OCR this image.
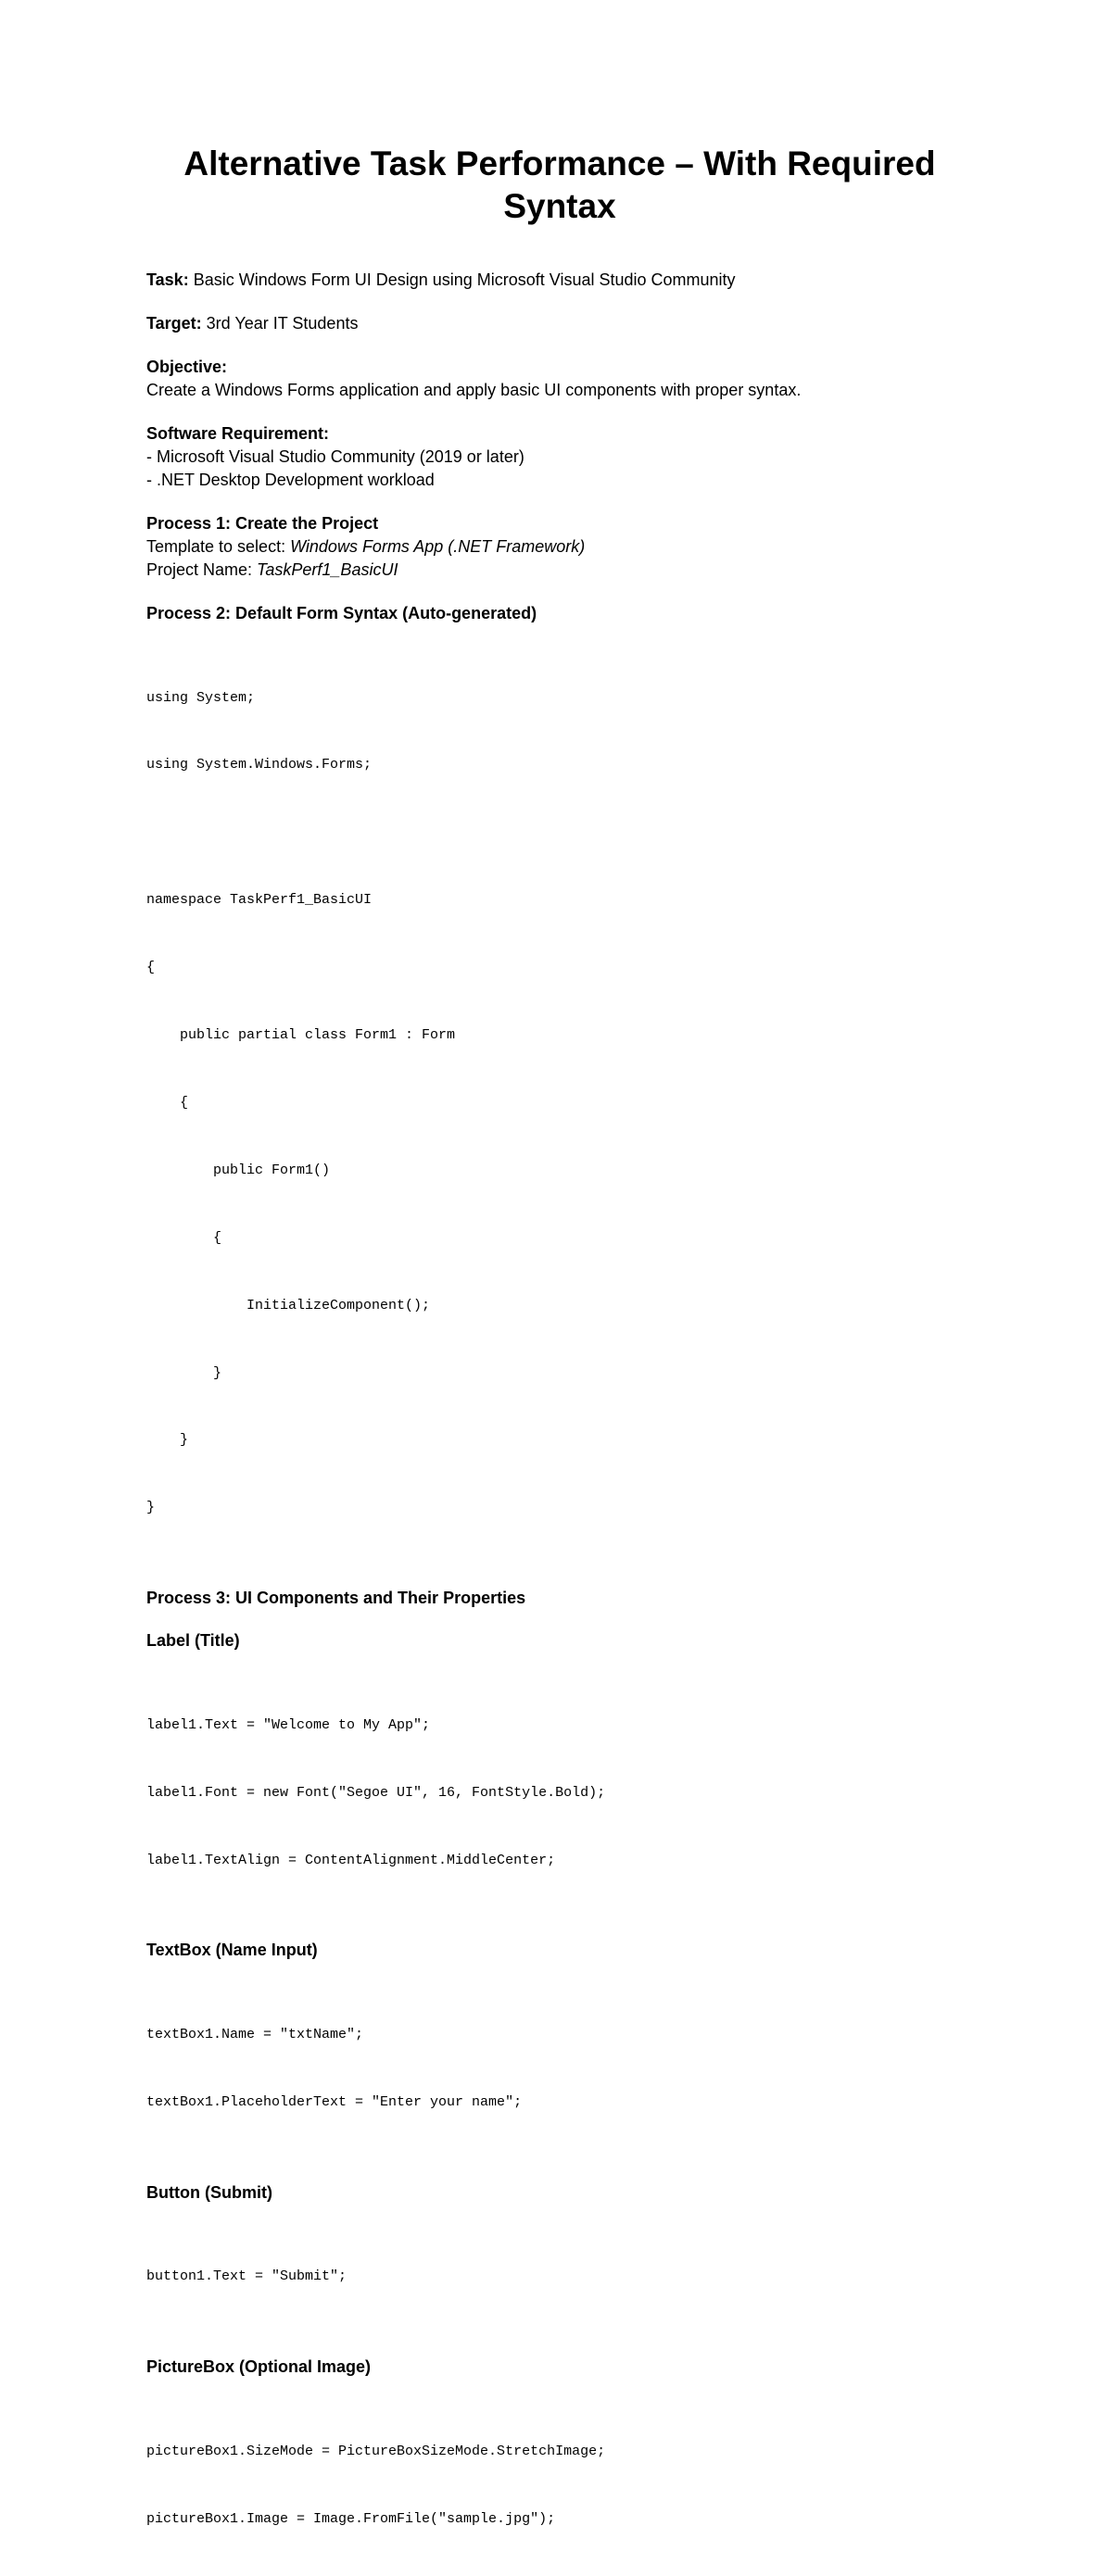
Alternative Task Performance – With Required Syntax

Task: Basic Windows Form UI Design using Microsoft Visual Studio Community

Target: 3rd Year IT Students

Objective:
Create a Windows Forms application and apply basic UI components with proper syntax.
Software Requirement:
- Microsoft Visual Studio Community (2019 or later)
- .NET Desktop Development workload
Process 1: Create the Project
Template to select: Windows Forms App (.NET Framework)
Project Name: TaskPerf1_BasicUI
Process 2: Default Form Syntax (Auto-generated)

using System;

using System.Windows.Forms;

namespace TaskPerf1_BasicUI

{

public partial class Form1 : Form

{

public Form1()

{

InitializeComponent();

}

}

}

Process 3: UI Components and Their Properties
Label (Title)

label1.Text = "Welcome to My App";

label1.Font = new Font("Segoe UI", 16, FontStyle.Bold);

label1.TextAlign = ContentAlignment.MiddleCenter;

TextBox (Name Input)

textBox1.Name = "txtName";

textBox1.PlaceholderText = "Enter your name";

Button (Submit)

button1.Text = "Submit";

PictureBox (Optional Image)

pictureBox1.SizeMode = PictureBoxSizeMode.StretchImage;

pictureBox1.Image = Image.FromFile("sample.jpg");
